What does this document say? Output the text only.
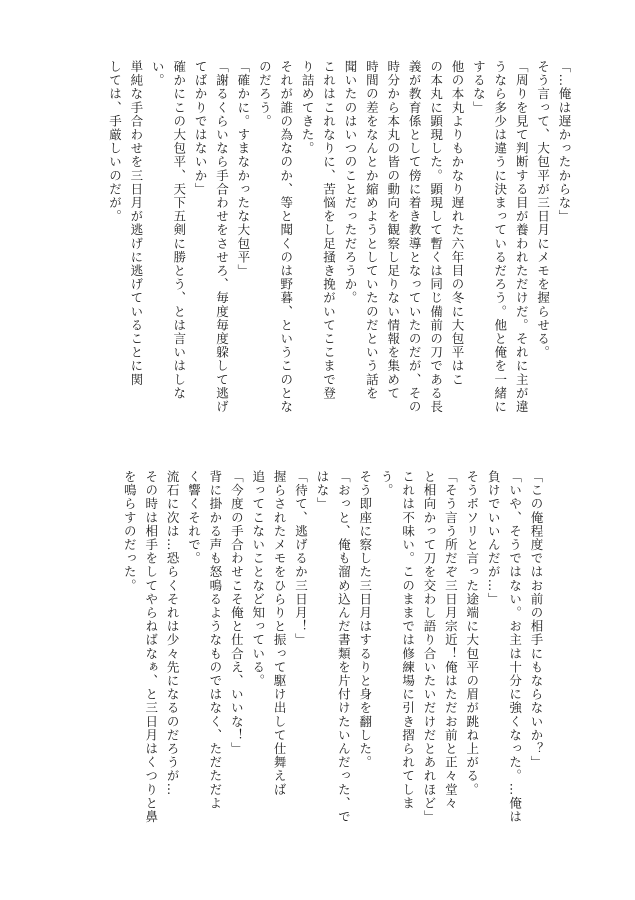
「…俺は遅かったからな」
そう言って、大包平が三日月にメモを握らせる。
「周りを見て判断する目が養われただけだ。それに主が違
うなら多少は違うに決まっているだろう。他と俺を一緒に
するな」
他の本丸よりもかなり遅れた六年目の冬に大包平はこ
の本丸に顕現した。顕現して暫くは同じ備前の刀である長
義が教育係として傍に着き教導となっていたのだが、その
時分から本丸の皆の動向を観察し足りない情報を集めて
時間の差をなんとか縮めようとしていたのだという話を
聞いたのはいつのことだっただろうか。
これはこれなりに、苦悩をし足掻き挽がいてここまで登
り詰めてきた。
それが誰の為なのか、等と聞くのは野暮、というこのとな
のだろう。
「確かに。すまなかったな大包平」
「謝るくらいなら手合わせをさせろ、毎度毎度躱して逃げ
てばかりではないか」
確かにこの大包平、天下五剣に勝とう、とは言いはしな
い。
単純な手合わせを三日月が逃げに逃げていることに関
しては、手厳しいのだが。
「この俺程度ではお前の相手にもならないか？」
「いや、そうではない。お主は十分に強くなった。…俺は
負けでいいんだが…」
そうボソリと言った途端に大包平の眉が跳ね上がる。
「そう言う所だぞ三日月宗近！俺はただお前と正々堂々
と相向かって刀を交わし語り合いたいだけだとあれほど」
これは不味い。このままでは修練場に引き摺られてしま
う。
そう即座に察した三日月はするりと身を翻した。
「おっと、俺も溜め込んだ書類を片付けたいんだった、で
はな」
「待て、逃げるか三日月！」
握らされたメモをひらりと振って駆け出して仕舞えば
追ってこないことなど知っている。
「今度の手合わせこそ俺と仕合え、いいな！」
背に掛かる声も怒鳴るようなものではなく、ただただよ
く響くそれで。
流石に次は…恐らくそれは少々先になるのだろうが…
その時は相手をしてやらねばなぁ、と三日月はくつりと鼻
を鳴らすのだった。
